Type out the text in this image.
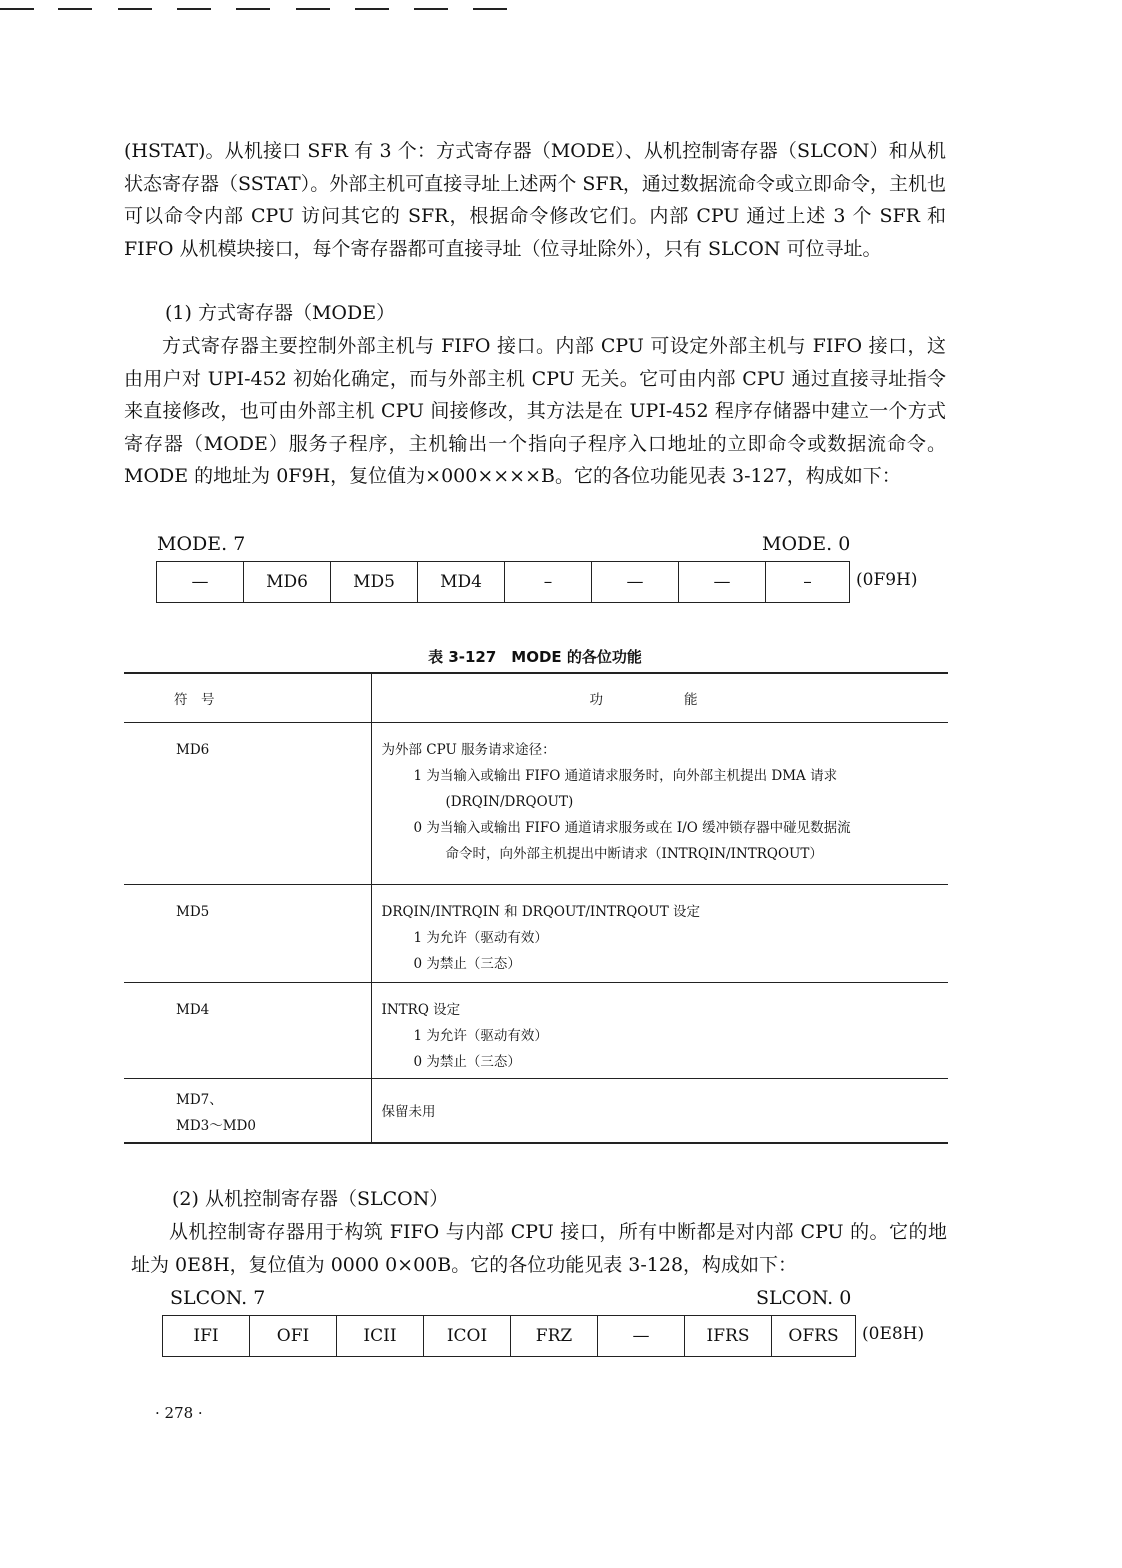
(HSTAT)。从机接口 SFR 有 3 个：方式寄存器（MODE）、从机控制寄存器（SLCON）和从机状态寄存器（SSTAT）。外部主机可直接寻址上述两个 SFR，通过数据流命令或立即命令，主机也可以命令内部 CPU 访问其它的 SFR，根据命令修改它们。内部 CPU 通过上述 3 个 SFR 和 FIFO 从机模块接口，每个寄存器都可直接寻址（位寻址除外），只有 SLCON 可位寻址。

(1) 方式寄存器（MODE）

方式寄存器主要控制外部主机与 FIFO 接口。内部 CPU 可设定外部主机与 FIFO 接口，这由用户对 UPI-452 初始化确定，而与外部主机 CPU 无关。它可由内部 CPU 通过直接寻址指令来直接修改，也可由外部主机 CPU 间接修改，其方法是在 UPI-452 程序存储器中建立一个方式寄存器（MODE）服务子程序，主机输出一个指向子程序入口地址的立即命令或数据流命令。MODE 的地址为 0F9H，复位值为×000××××B。它的各位功能见表 3-127，构成如下：

MODE. 7	MODE. 0
—	MD6	MD5	MD4	–	—	—	–	(0F9H)
表 3-127　MODE 的各位功能
符　号	功　　　　　　能
MD6	为外部 CPU 服务请求途径：
1 为当输入或输出 FIFO 通道请求服务时，向外部主机提出 DMA 请求
(DRQIN/DRQOUT)
0 为当输入或输出 FIFO 通道请求服务或在 I/O 缓冲锁存器中碰见数据流
命令时，向外部主机提出中断请求（INTRQIN/INTRQOUT）

MD5	DRQIN/INTRQIN 和 DRQOUT/INTRQOUT 设定
1 为允许（驱动有效）
0 为禁止（三态）

MD4	INTRQ 设定
1 为允许（驱动有效）
0 为禁止（三态）

MD7、
MD3～MD0	保留未用

(2) 从机控制寄存器（SLCON）

从机控制寄存器用于构筑 FIFO 与内部 CPU 接口，所有中断都是对内部 CPU 的。它的地址为 0E8H，复位值为 0000 0×00B。它的各位功能见表 3-128，构成如下：

SLCON. 7	SLCON. 0
IFI	OFI	ICII	ICOI	FRZ	—	IFRS	OFRS	(0E8H)
· 278 ·
